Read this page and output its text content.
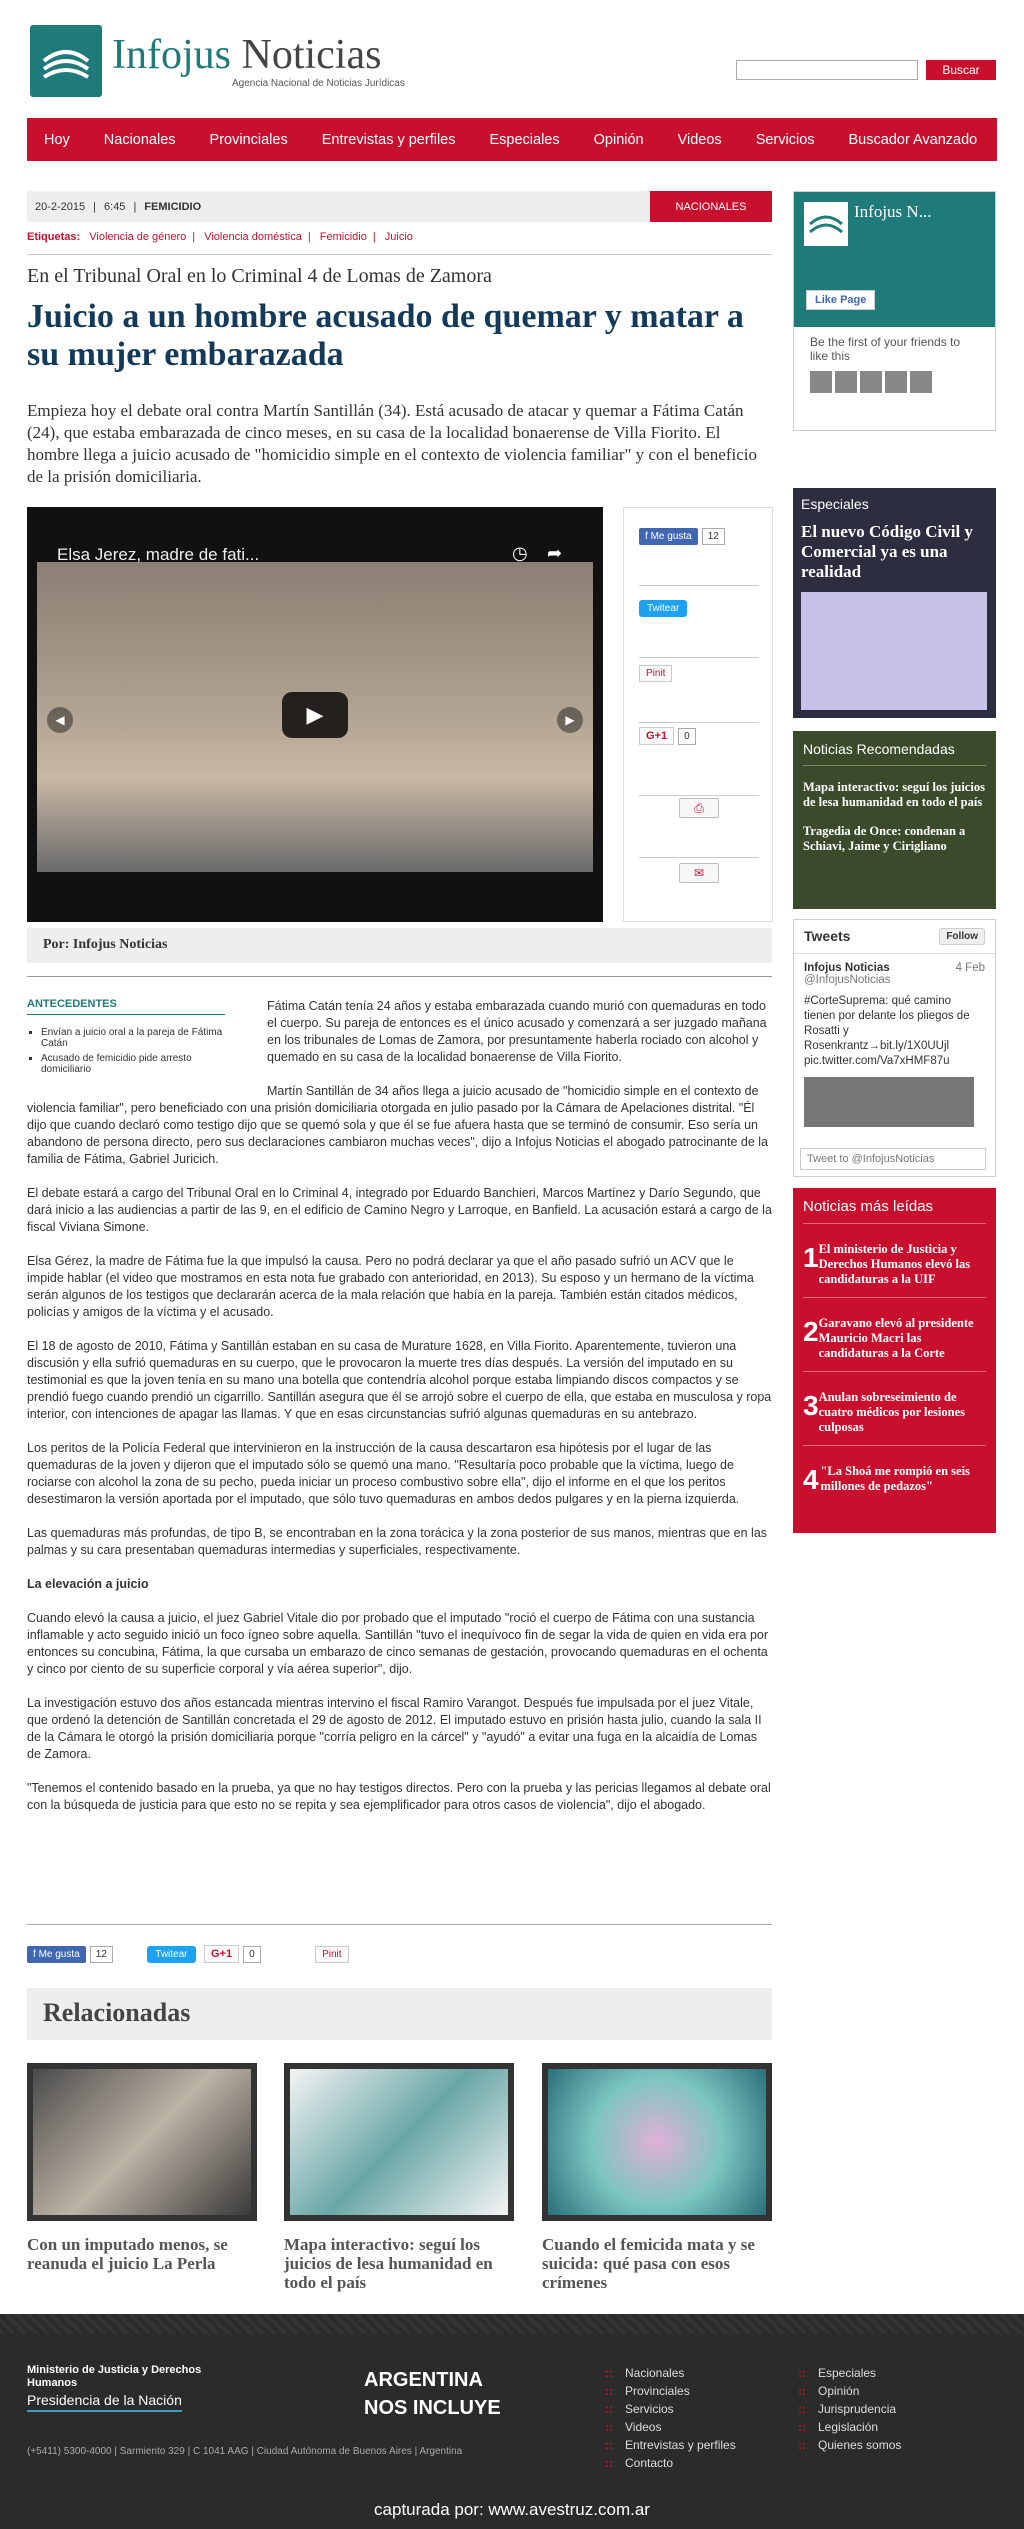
Infojus Noticias
Agencia Nacional de Noticias Jurídicas
Buscar
Hoy	Nacionales	Provinciales	Entrevistas y perfiles	Especiales	Opinión	Videos	Servicios	Buscador Avanzado
20-2-2015 | 6:45 | FEMICIDIO	NACIONALES
Etiquetas: Violencia de género | Violencia doméstica | Femicidio | Juicio
En el Tribunal Oral en lo Criminal 4 de Lomas de Zamora
Juicio a un hombre acusado de quemar y matar a su mujer embarazada

Empieza hoy el debate oral contra Martín Santillán (34). Está acusado de atacar y quemar a Fátima Catán (24), que estaba embarazada de cinco meses, en su casa de la localidad bonaerense de Villa Fiorito. El hombre llega a juicio acusado de "homicidio simple en el contexto de violencia familiar" y con el beneficio de la prisión domiciliaria.

Elsa Jerez, madre de fati...	◷ ➦
◀	▶
▶
f Me gusta 12
Twitear
Pinit
G+1 0
⎙
✉
Por: Infojus Noticias
ANTECEDENTES
▪ Envían a juicio oral a la pareja de Fátima Catán
▪ Acusado de femicidio pide arresto domiciliario

Fátima Catán tenía 24 años y estaba embarazada cuando murió con quemaduras en todo el cuerpo. Su pareja de entonces es el único acusado y comenzará a ser juzgado mañana en los tribunales de Lomas de Zamora, por presuntamente haberla rociado con alcohol y quemado en su casa de la localidad bonaerense de Villa Fiorito.

Martín Santillán de 34 años llega a juicio acusado de "homicidio simple en el contexto de violencia familiar", pero beneficiado con una prisión domiciliaria otorgada en julio pasado por la Cámara de Apelaciones distrital. "Él dijo que cuando declaró como testigo dijo que se quemó sola y que él se fue afuera hasta que se terminó de consumir. Eso sería un abandono de persona directo, pero sus declaraciones cambiaron muchas veces", dijo a Infojus Noticias el abogado patrocinante de la familia de Fátima, Gabriel Juricich.

El debate estará a cargo del Tribunal Oral en lo Criminal 4, integrado por Eduardo Banchieri, Marcos Martínez y Darío Segundo, que dará inicio a las audiencias a partir de las 9, en el edificio de Camino Negro y Larroque, en Banfield. La acusación estará a cargo de la fiscal Viviana Simone.

Elsa Gérez, la madre de Fátima fue la que impulsó la causa. Pero no podrá declarar ya que el año pasado sufrió un ACV que le impide hablar (el video que mostramos en esta nota fue grabado con anterioridad, en 2013). Su esposo y un hermano de la víctima serán algunos de los testigos que declararán acerca de la mala relación que había en la pareja. También están citados médicos, policías y amigos de la víctima y el acusado.

El 18 de agosto de 2010, Fátima y Santillán estaban en su casa de Murature 1628, en Villa Fiorito. Aparentemente, tuvieron una discusión y ella sufrió quemaduras en su cuerpo, que le provocaron la muerte tres días después. La versión del imputado en su testimonial es que la joven tenía en su mano una botella que contendría alcohol porque estaba limpiando discos compactos y se prendió fuego cuando prendió un cigarrillo. Santillán asegura que él se arrojó sobre el cuerpo de ella, que estaba en musculosa y ropa interior, con intenciones de apagar las llamas. Y que en esas circunstancias sufrió algunas quemaduras en su antebrazo.

Los peritos de la Policía Federal que intervinieron en la instrucción de la causa descartaron esa hipótesis por el lugar de las quemaduras de la joven y dijeron que el imputado sólo se quemó una mano. "Resultaría poco probable que la víctima, luego de rociarse con alcohol la zona de su pecho, pueda iniciar un proceso combustivo sobre ella", dijo el informe en el que los peritos desestimaron la versión aportada por el imputado, que sólo tuvo quemaduras en ambos dedos pulgares y en la pierna izquierda.

Las quemaduras más profundas, de tipo B, se encontraban en la zona torácica y la zona posterior de sus manos, mientras que en las palmas y su cara presentaban quemaduras intermedias y superficiales, respectivamente.

La elevación a juicio

Cuando elevó la causa a juicio, el juez Gabriel Vitale dio por probado que el imputado "roció el cuerpo de Fátima con una sustancia inflamable y acto seguido inició un foco ígneo sobre aquella. Santillán "tuvo el inequívoco fin de segar la vida de quien en vida era por entonces su concubina, Fátima, la que cursaba un embarazo de cinco semanas de gestación, provocando quemaduras en el ochenta y cinco por ciento de su superficie corporal y vía aérea superior", dijo.

La investigación estuvo dos años estancada mientras intervino el fiscal Ramiro Varangot. Después fue impulsada por el juez Vitale, que ordenó la detención de Santillán concretada el 29 de agosto de 2012. El imputado estuvo en prisión hasta julio, cuando la sala II de la Cámara le otorgó la prisión domiciliaria porque "corría peligro en la cárcel" y "ayudó" a evitar una fuga en la alcaidía de Lomas de Zamora.

"Tenemos el contenido basado en la prueba, ya que no hay testigos directos. Pero con la prueba y las pericias llegamos al debate oral con la búsqueda de justicia para que esto no se repita y sea ejemplificador para otros casos de violencia", dijo el abogado.

f Me gusta 12	Twitear G+1 0	Pinit
Relacionadas
Con un imputado menos, se reanuda el juicio La Perla
Mapa interactivo: seguí los juicios de lesa humanidad en todo el país
Cuando el femicida mata y se suicida: qué pasa con esos crímenes
Infojus N...
Like Page
Be the first of your friends to like this
Especiales
El nuevo Código Civil y Comercial ya es una realidad
Noticias Recomendadas
Mapa interactivo: seguí los juicios de lesa humanidad en todo el país
Tragedia de Once: condenan a Schiavi, Jaime y Cirigliano
Tweets	Follow
Infojus Noticias
@InfojusNoticias
4 Feb
#CorteSuprema: qué camino tienen por delante los pliegos de Rosatti y Rosenkrantz→bit.ly/1X0UUjl pic.twitter.com/Va7xHMF87u
Tweet to @InfojusNoticias
Noticias más leídas
1 El ministerio de Justicia y Derechos Humanos elevó las candidaturas a la UIF
2 Garavano elevó al presidente Mauricio Macri las candidaturas a la Corte
3 Anulan sobreseimiento de cuatro médicos por lesiones culposas
4 "La Shoá me rompió en seis millones de pedazos"
Ministerio de Justicia y Derechos Humanos
Presidencia de la Nación
ARGENTINA
NOS INCLUYE
(+5411) 5300-4000 | Sarmiento 329 | C 1041 AAG | Ciudad Autónoma de Buenos Aires | Argentina
:: Nacionales
:: Provinciales
:: Servicios
:: Videos
:: Entrevistas y perfiles
:: Contacto
:: Especiales
:: Opinión
:: Jurisprudencia
:: Legislación
:: Quienes somos
capturada por: www.avestruz.com.ar
